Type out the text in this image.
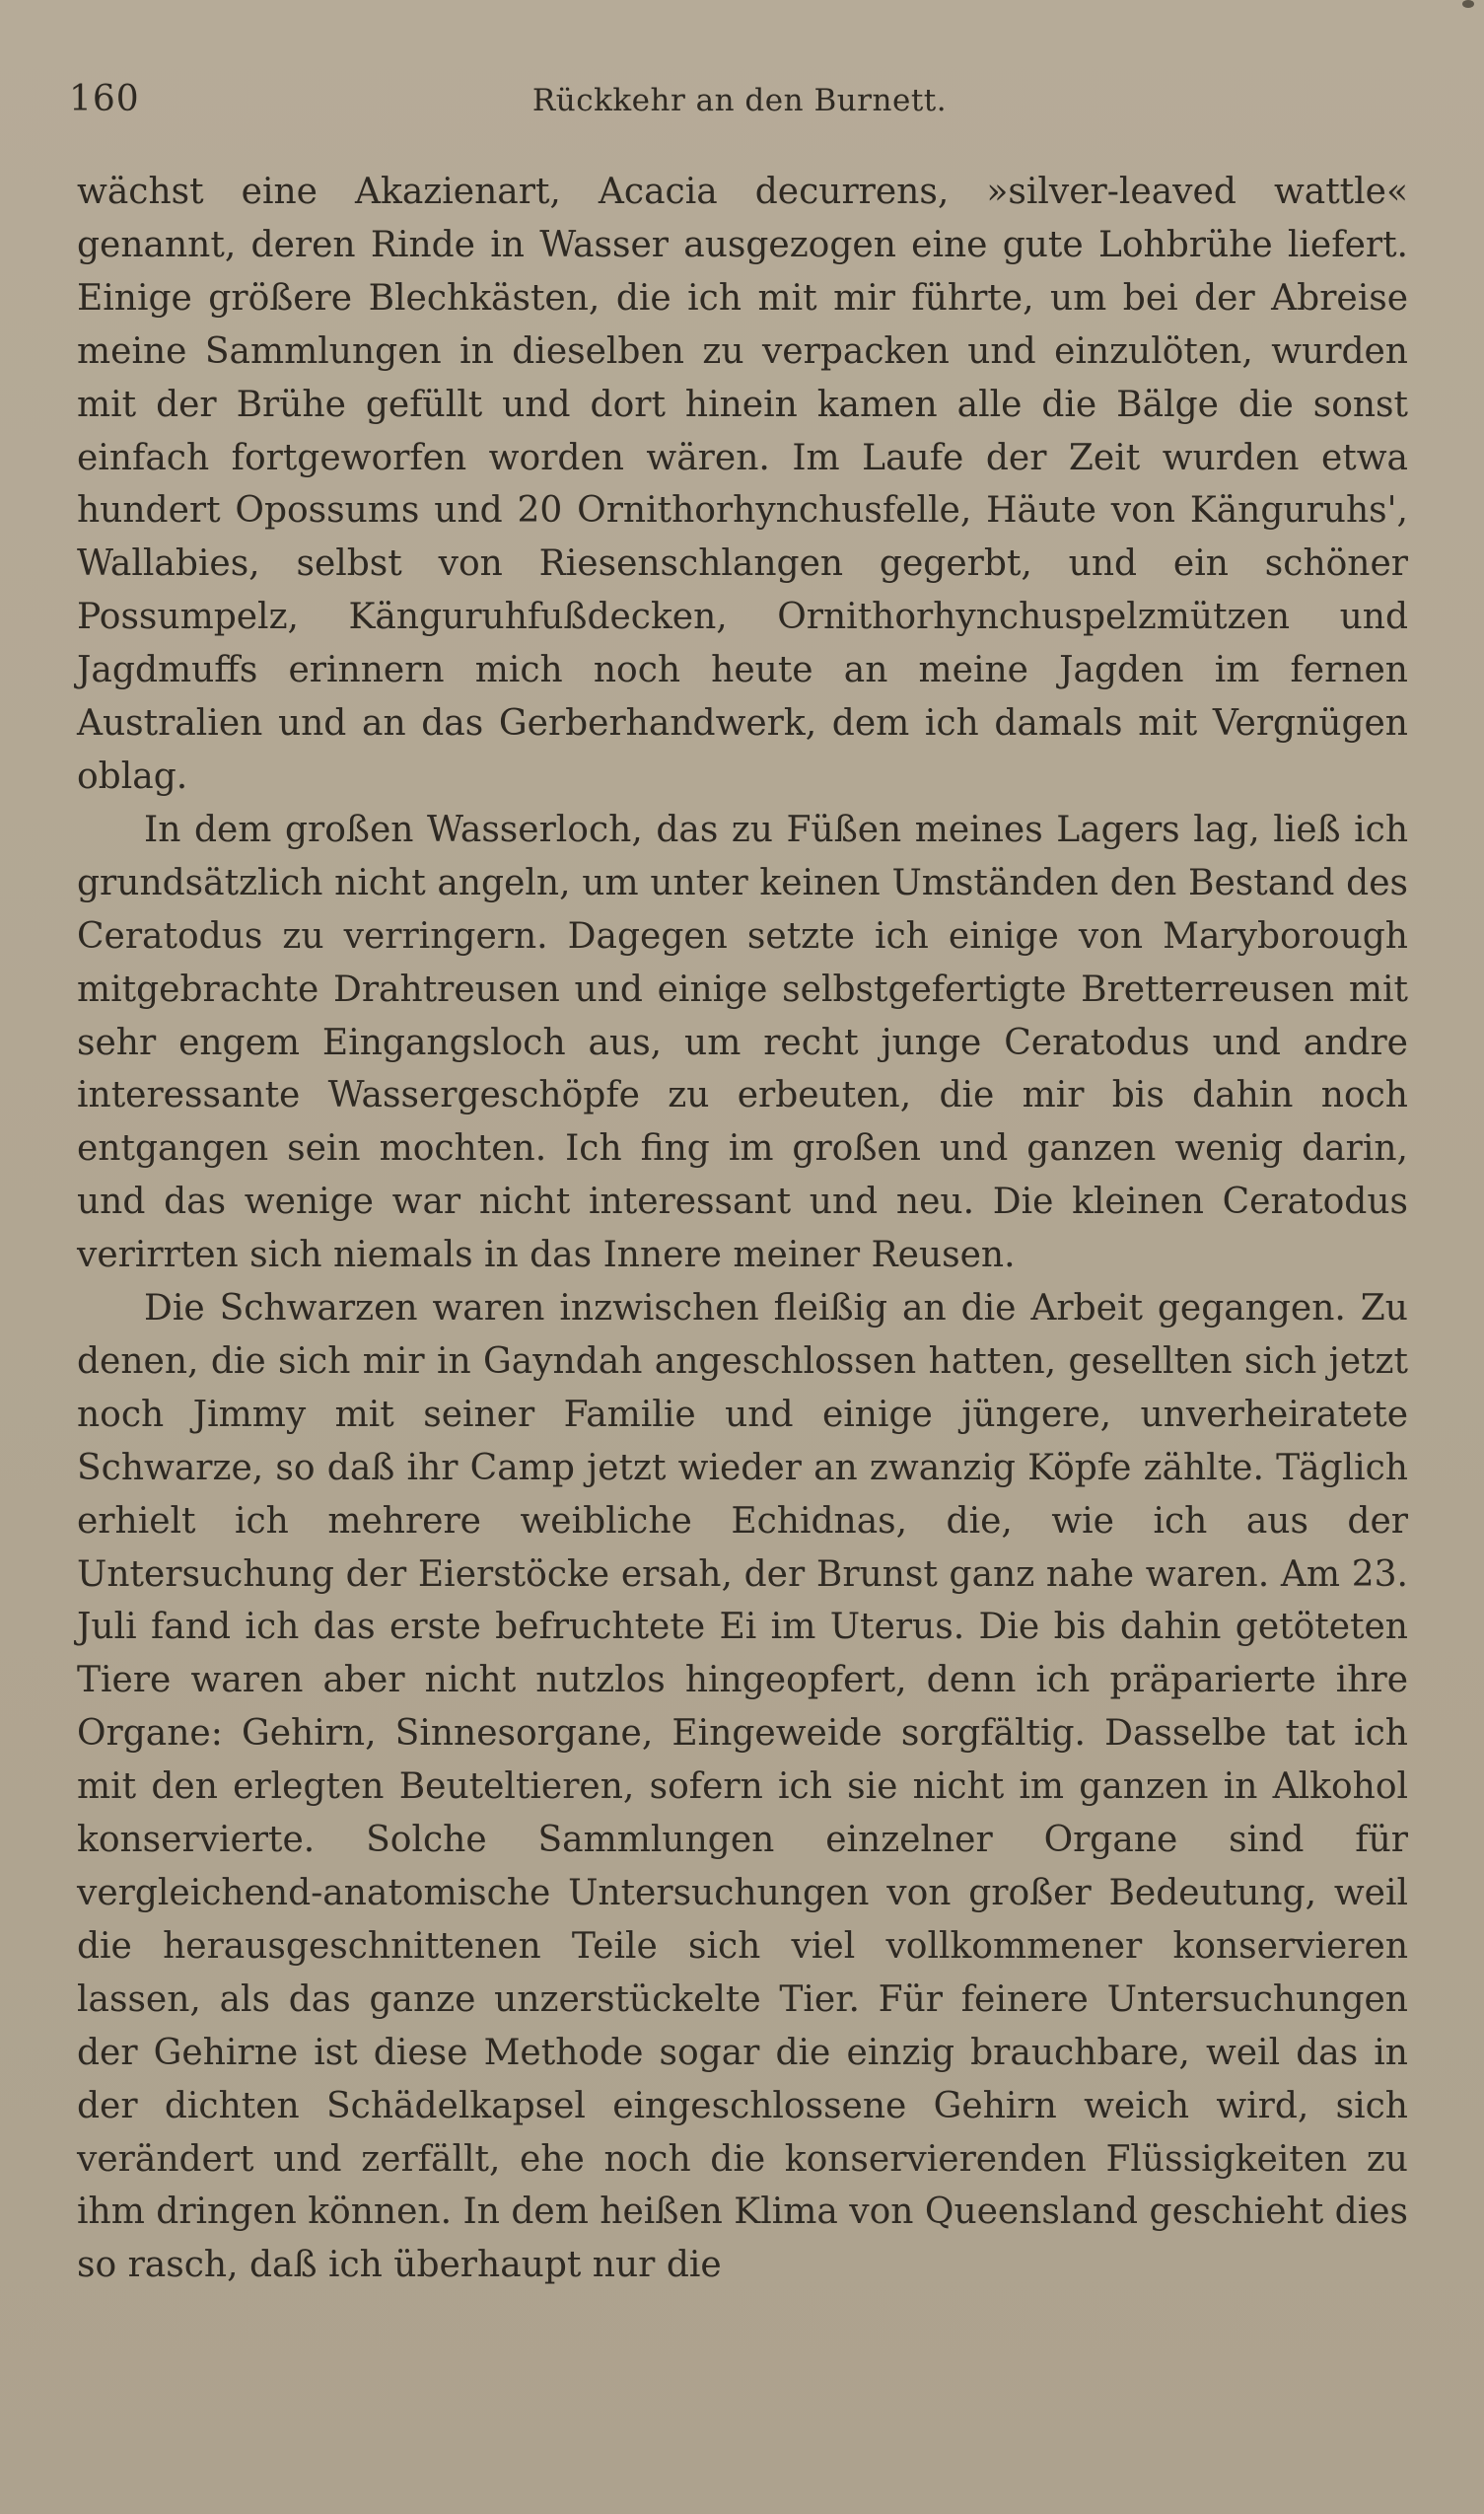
160	Rückkehr an den Burnett.

wächst eine Akazienart, Acacia decurrens, »silver-leaved wattle« genannt, deren Rinde in Wasser ausgezogen eine gute Lohbrühe liefert. Einige größere Blechkästen, die ich mit mir führte, um bei der Abreise meine Sammlungen in dieselben zu verpacken und einzulöten, wurden mit der Brühe gefüllt und dort hinein kamen alle die Bälge die sonst einfach fortgeworfen worden wären. Im Laufe der Zeit wurden etwa hundert Opossums und 20 Ornithorhynchusfelle, Häute von Känguruhs', Wallabies, selbst von Riesenschlangen gegerbt, und ein schöner Possumpelz, Känguruhfußdecken, Ornithorhynchuspelzmützen und Jagdmuffs erinnern mich noch heute an meine Jagden im fernen Australien und an das Gerberhandwerk, dem ich damals mit Vergnügen oblag.

In dem großen Wasserloch, das zu Füßen meines Lagers lag, ließ ich grundsätzlich nicht angeln, um unter keinen Umständen den Bestand des Ceratodus zu verringern. Dagegen setzte ich einige von Maryborough mitgebrachte Drahtreusen und einige selbstgefertigte Bretterreusen mit sehr engem Eingangsloch aus, um recht junge Ceratodus und andre interessante Wassergeschöpfe zu erbeuten, die mir bis dahin noch entgangen sein mochten. Ich fing im großen und ganzen wenig darin, und das wenige war nicht interessant und neu. Die kleinen Ceratodus verirrten sich niemals in das Innere meiner Reusen.

Die Schwarzen waren inzwischen fleißig an die Arbeit gegangen. Zu denen, die sich mir in Gayndah angeschlossen hatten, gesellten sich jetzt noch Jimmy mit seiner Familie und einige jüngere, unverheiratete Schwarze, so daß ihr Camp jetzt wieder an zwanzig Köpfe zählte. Täglich erhielt ich mehrere weibliche Echidnas, die, wie ich aus der Untersuchung der Eierstöcke ersah, der Brunst ganz nahe waren. Am 23. Juli fand ich das erste befruchtete Ei im Uterus. Die bis dahin getöteten Tiere waren aber nicht nutzlos hingeopfert, denn ich präparierte ihre Organe: Gehirn, Sinnesorgane, Eingeweide sorgfältig. Dasselbe tat ich mit den erlegten Beuteltieren, sofern ich sie nicht im ganzen in Alkohol konservierte. Solche Sammlungen einzelner Organe sind für vergleichend-anatomische Untersuchungen von großer Bedeutung, weil die herausgeschnittenen Teile sich viel vollkommener konservieren lassen, als das ganze unzerstückelte Tier. Für feinere Untersuchungen der Gehirne ist diese Methode sogar die einzig brauchbare, weil das in der dichten Schädelkapsel eingeschlossene Gehirn weich wird, sich verändert und zerfällt, ehe noch die konservierenden Flüssigkeiten zu ihm dringen können. In dem heißen Klima von Queensland geschieht dies so rasch, daß ich überhaupt nur die
